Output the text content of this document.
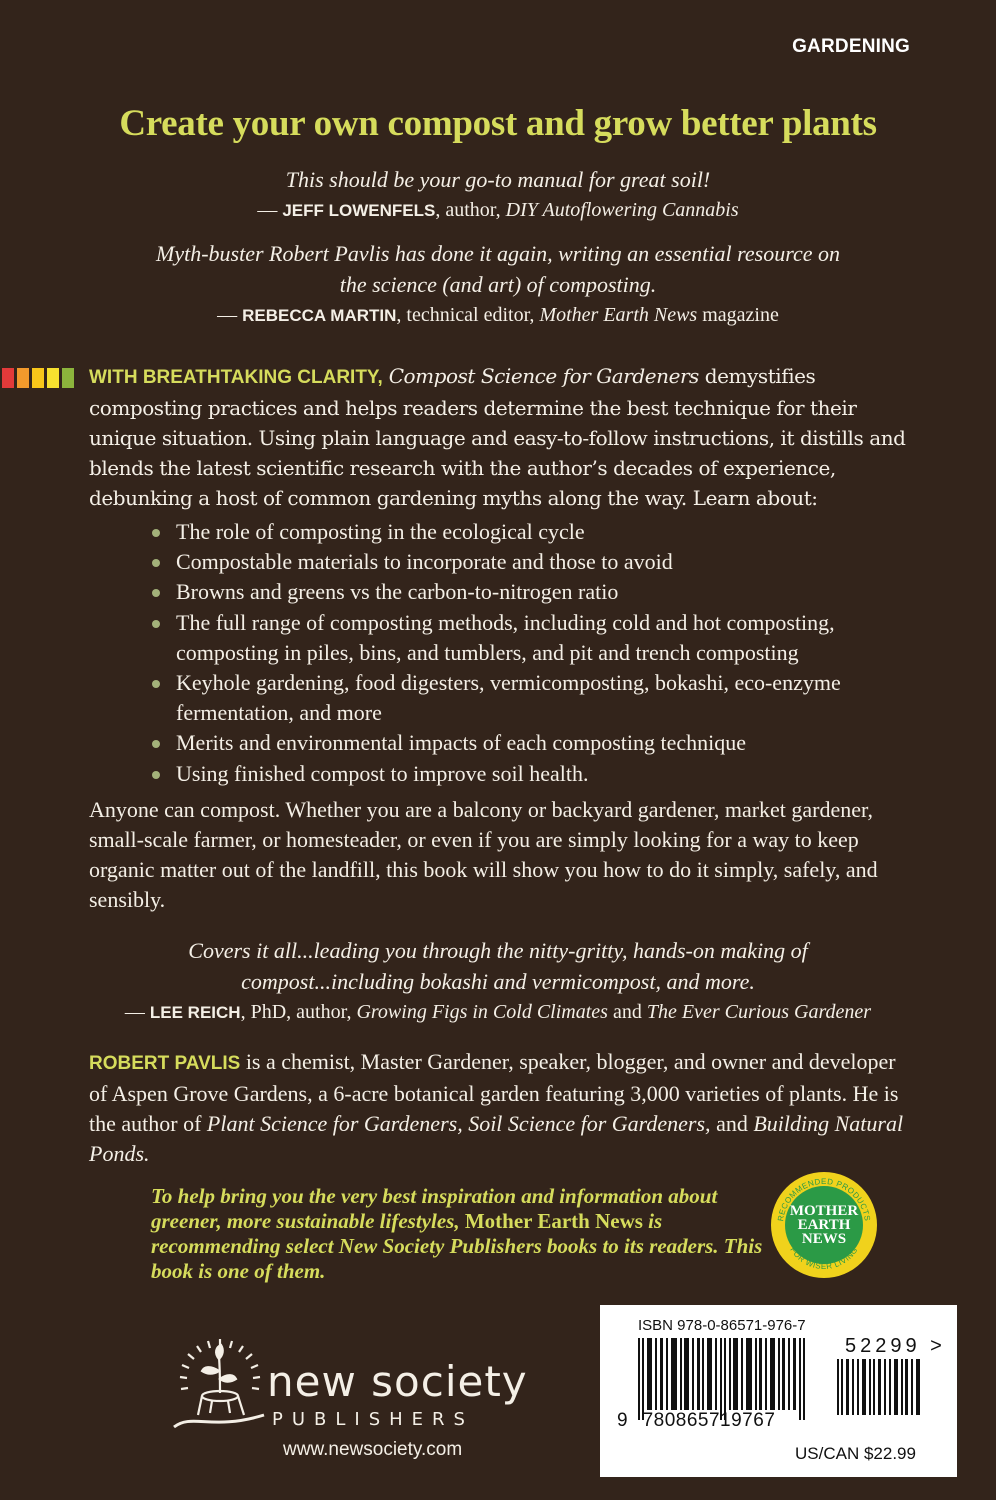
GARDENING
Create your own compost and grow better plants
This should be your go-to manual for great soil!
— JEFF LOWENFELS, author, DIY Autoflowering Cannabis
Myth-buster Robert Pavlis has done it again, writing an essential resource on
the science (and art) of composting.
— REBECCA MARTIN, technical editor, Mother Earth News magazine
WITH BREATHTAKING CLARITY, Compost Science for Gardeners demystifies composting practices and helps readers determine the best technique for their unique situation. Using plain language and easy-to-follow instructions, it distills and blends the latest scientific research with the author’s decades of experience, debunking a host of common gardening myths along the way. Learn about:
The role of composting in the ecological cycle
Compostable materials to incorporate and those to avoid
Browns and greens vs the carbon-to-nitrogen ratio
The full range of composting methods, including cold and hot composting, composting in piles, bins, and tumblers, and pit and trench composting
Keyhole gardening, food digesters, vermicomposting, bokashi, eco-enzyme fermentation, and more
Merits and environmental impacts of each composting technique
Using finished compost to improve soil health.
Anyone can compost. Whether you are a balcony or backyard gardener, market gardener, small-scale farmer, or homesteader, or even if you are simply looking for a way to keep organic matter out of the landfill, this book will show you how to do it simply, safely, and sensibly.
Covers it all...leading you through the nitty-gritty, hands-on making of
compost...including bokashi and vermicompost, and more.
— LEE REICH, PhD, author, Growing Figs in Cold Climates and The Ever Curious Gardener
ROBERT PAVLIS is a chemist, Master Gardener, speaker, blogger, and owner and developer of Aspen Grove Gardens, a 6-acre botanical garden featuring 3,000 varieties of plants. He is the author of Plant Science for Gardeners, Soil Science for Gardeners, and Building Natural Ponds.
To help bring you the very best inspiration and information about greener, more sustainable lifestyles, Mother Earth News is recommending select New Society Publishers books to its readers. This book is one of them.
RECOMMENDED PRODUCTS
FOR WISER LIVING
MOTHER
EARTH
NEWS
new society
PUBLISHERS
www.newsociety.com
ISBN 978-0-86571-976-7
9 780865719767
52299 >
US/CAN $22.99
